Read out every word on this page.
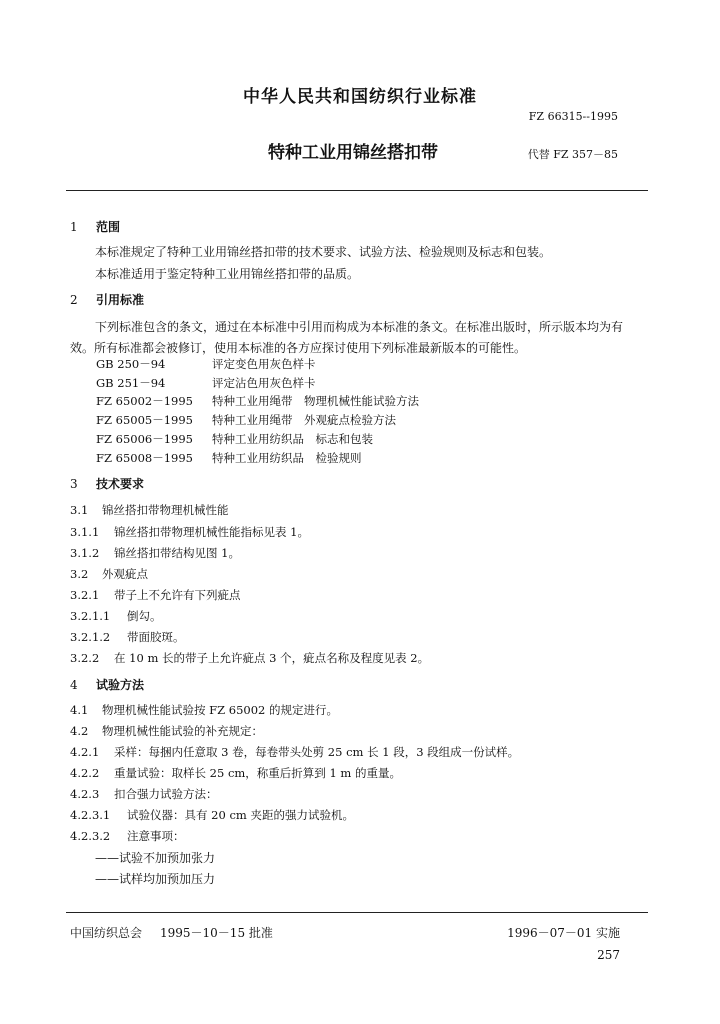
中华人民共和国纺织行业标准
FZ 66315--1995
特种工业用锦丝搭扣带	代替 FZ 357－85
1 范围
本标准规定了特种工业用锦丝搭扣带的技术要求、试验方法、检验规则及标志和包装。
本标准适用于鉴定特种工业用锦丝搭扣带的品质。
2 引用标准
下列标准包含的条文，通过在本标准中引用而构成为本标准的条文。在标准出版时，所示版本均为有
效。所有标准都会被修订，使用本标准的各方应探讨使用下列标准最新版本的可能性。
GB 250－94	评定变色用灰色样卡
GB 251－94	评定沾色用灰色样卡
FZ 65002－1995 特种工业用绳带　物理机械性能试验方法
FZ 65005－1995 特种工业用绳带　外观疵点检验方法
FZ 65006－1995 特种工业用纺织品　标志和包装
FZ 65008－1995 特种工业用纺织品　检验规则
3 技术要求
3.1 锦丝搭扣带物理机械性能
3.1.1 锦丝搭扣带物理机械性能指标见表 1。
3.1.2 锦丝搭扣带结构见图 1。
3.2 外观疵点
3.2.1 带子上不允许有下列疵点
3.2.1.1 倒勾。
3.2.1.2 带面胶斑。
3.2.2 在 10 m 长的带子上允许疵点 3 个，疵点名称及程度见表 2。
4 试验方法
4.1 物理机械性能试验按 FZ 65002 的规定进行。
4.2 物理机械性能试验的补充规定：
4.2.1 采样：每捆内任意取 3 卷，每卷带头处剪 25 cm 长 1 段，3 段组成一份试样。
4.2.2 重量试验：取样长 25 cm，称重后折算到 1 m 的重量。
4.2.3 扣合强力试验方法：
4.2.3.1 试验仪器：具有 20 cm 夹距的强力试验机。
4.2.3.2 注意事项：
——试验不加预加张力
——试样均加预加压力
中国纺织总会 1995－10－15 批准	1996－07－01 实施
257
